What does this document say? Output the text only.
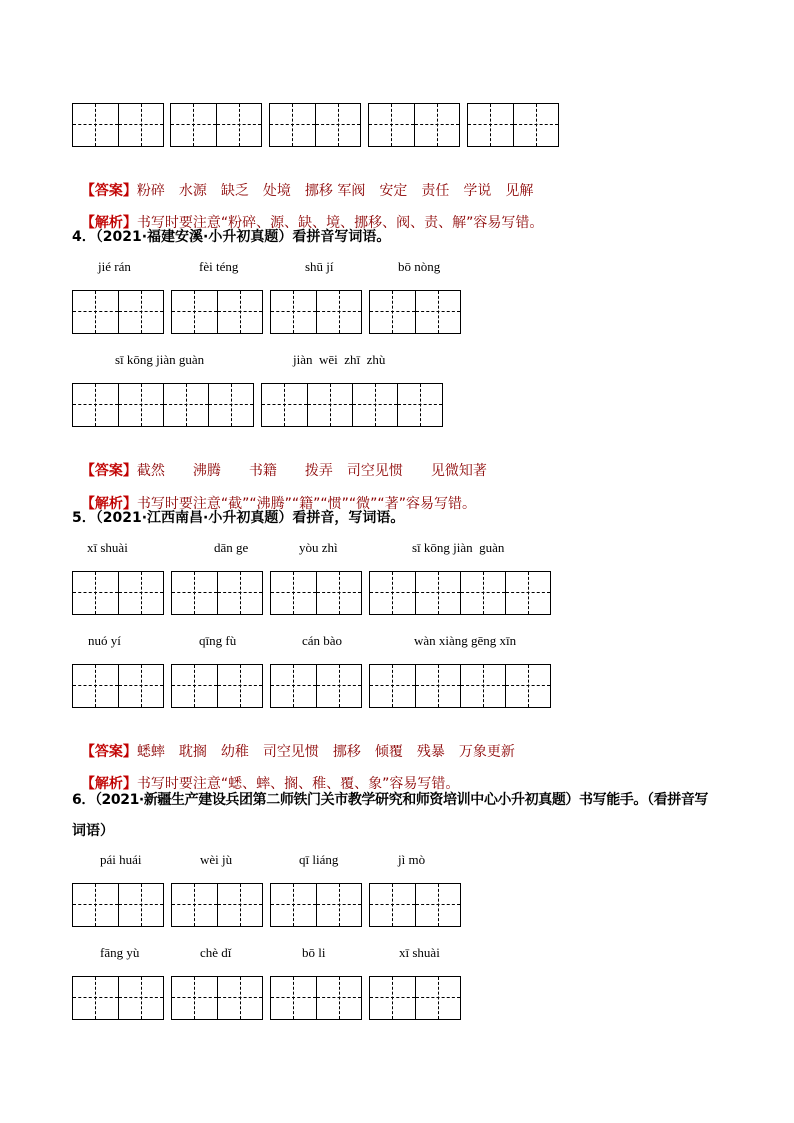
【答案】粉碎　水源　缺乏　处境　挪移 军阀　安定　责任　学说　见解

【解析】书写时要注意“粉碎、源、缺、境、挪移、阀、责、解”容易写错。

4．（2021·福建安溪·小升初真题）看拼音写词语。
jié rán	fèi téng	shū jí	bō nòng
sī kōng jiàn guàn	jiàn  wēi  zhī  zhù

【答案】截然　　沸腾　　书籍　　拨弄　司空见惯　　见微知著

【解析】书写时要注意“截”“沸腾”“籍”“惯”“微”“著”容易写错。

5．（2021·江西南昌·小升初真题）看拼音，写词语。
xī shuài	dān ge	yòu zhì	sī kōng jiàn  guàn
nuó yí	qīng fù	cán bào	wàn xiàng gēng xīn

【答案】蟋蟀　耽搁　幼稚　司空见惯　挪移　倾覆　残暴　万象更新

【解析】书写时要注意“蟋、蟀、搁、稚、覆、象”容易写错。

6．（2021·新疆生产建设兵团第二师铁门关市教学研究和师资培训中心小升初真题）书写能手。（看拼音写
词语）
pái huái	wèi jù	qī liáng	jì mò
fāng yù	chè dǐ	bō li	xī shuài
